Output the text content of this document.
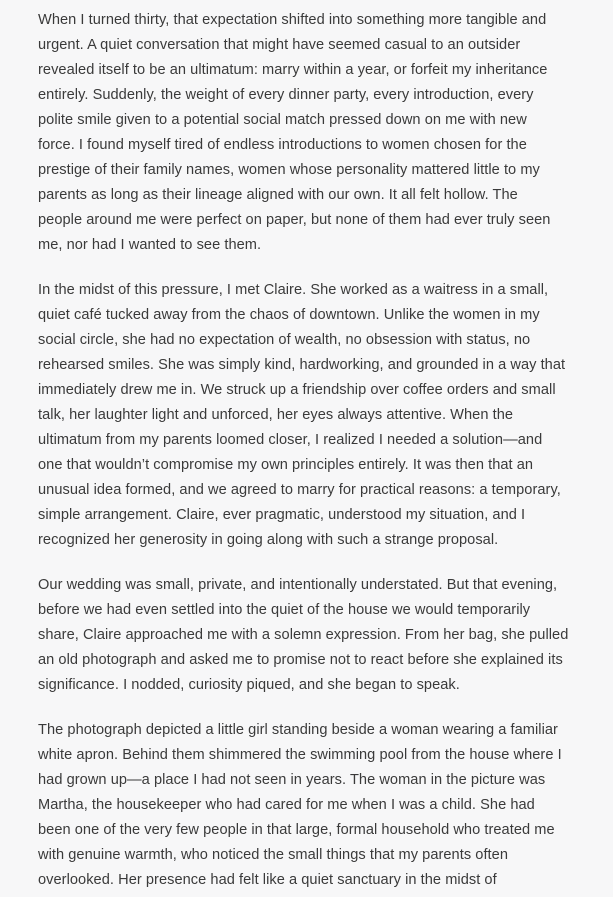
When I turned thirty, that expectation shifted into something more tangible and
urgent. A quiet conversation that might have seemed casual to an outsider
revealed itself to be an ultimatum: marry within a year, or forfeit my inheritance
entirely. Suddenly, the weight of every dinner party, every introduction, every
polite smile given to a potential social match pressed down on me with new
force. I found myself tired of endless introductions to women chosen for the
prestige of their family names, women whose personality mattered little to my
parents as long as their lineage aligned with our own. It all felt hollow. The
people around me were perfect on paper, but none of them had ever truly seen
me, nor had I wanted to see them.

In the midst of this pressure, I met Claire. She worked as a waitress in a small,
quiet café tucked away from the chaos of downtown. Unlike the women in my
social circle, she had no expectation of wealth, no obsession with status, no
rehearsed smiles. She was simply kind, hardworking, and grounded in a way that
immediately drew me in. We struck up a friendship over coffee orders and small
talk, her laughter light and unforced, her eyes always attentive. When the
ultimatum from my parents loomed closer, I realized I needed a solution—and
one that wouldn’t compromise my own principles entirely. It was then that an
unusual idea formed, and we agreed to marry for practical reasons: a temporary,
simple arrangement. Claire, ever pragmatic, understood my situation, and I
recognized her generosity in going along with such a strange proposal.

Our wedding was small, private, and intentionally understated. But that evening,
before we had even settled into the quiet of the house we would temporarily
share, Claire approached me with a solemn expression. From her bag, she pulled
an old photograph and asked me to promise not to react before she explained its
significance. I nodded, curiosity piqued, and she began to speak.

The photograph depicted a little girl standing beside a woman wearing a familiar
white apron. Behind them shimmered the swimming pool from the house where I
had grown up—a place I had not seen in years. The woman in the picture was
Martha, the housekeeper who had cared for me when I was a child. She had
been one of the very few people in that large, formal household who treated me
with genuine warmth, who noticed the small things that my parents often
overlooked. Her presence had felt like a quiet sanctuary in the midst of
